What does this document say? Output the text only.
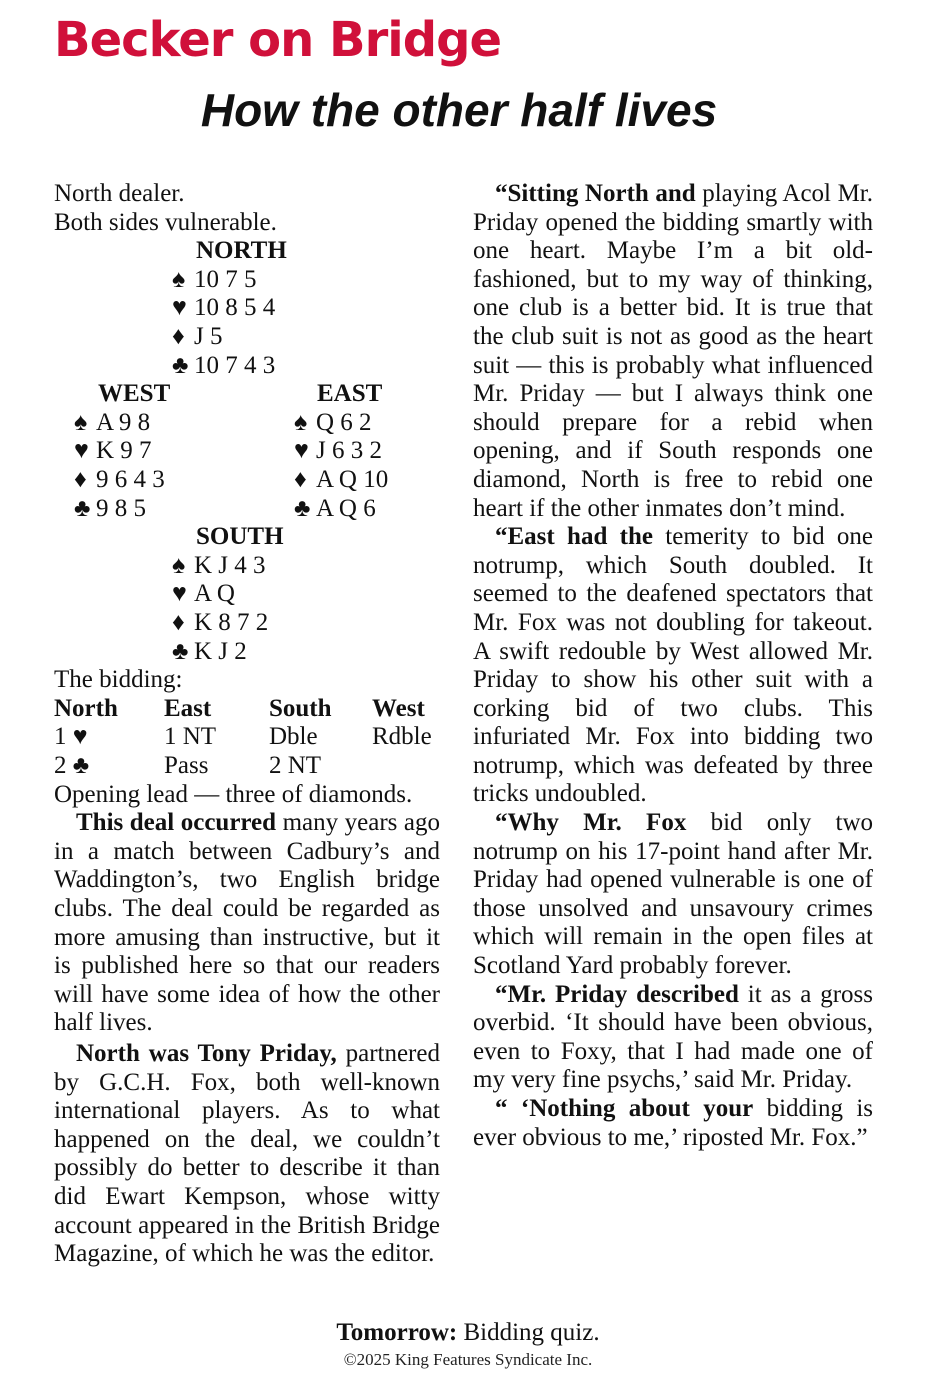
Becker on Bridge
How the other half lives
North dealer.
Both sides vulnerable.
NORTH
♠ 10 7 5
♥ 10 8 5 4
♦ J 5
♣ 10 7 4 3
WEST
♠ A 9 8
♥ K 9 7
♦ 9 6 4 3
♣ 9 8 5
EAST
♠ Q 6 2
♥ J 6 3 2
♦ A Q 10
♣ A Q 6
SOUTH
♠ K J 4 3
♥ A Q
♦ K 8 7 2
♣ K J 2
The bidding:
North	East	South	West
1 ♥	1 NT	Dble	Rdble
2 ♣	Pass	2 NT	
Opening lead — three of diamonds.

This deal occurred many years ago in a match between Cadbury’s and Waddington’s, two English bridge clubs. The deal could be regarded as more amusing than instructive, but it is published here so that our readers will have some idea of how the other half lives.

North was Tony Priday, partnered by G.C.H. Fox, both well-known international players. As to what happened on the deal, we couldn’t possibly do better to describe it than did Ewart Kempson, whose witty account appeared in the British Bridge Magazine, of which he was the editor.

“Sitting North and playing Acol Mr. Priday opened the bidding smartly with one heart. Maybe I’m a bit old-fashioned, but to my way of thinking, one club is a better bid. It is true that the club suit is not as good as the heart suit — this is probably what influenced Mr. Priday — but I always think one should prepare for a rebid when opening, and if South responds one diamond, North is free to rebid one heart if the other inmates don’t mind.

“East had the temerity to bid one notrump, which South doubled. It seemed to the deafened spectators that Mr. Fox was not doubling for takeout. A swift redouble by West allowed Mr. Priday to show his other suit with a corking bid of two clubs. This infuriated Mr. Fox into bidding two notrump, which was defeated by three tricks undoubled.

“Why Mr. Fox bid only two notrump on his 17-point hand after Mr. Priday had opened vulnerable is one of those unsolved and unsavoury crimes which will remain in the open files at Scotland Yard probably forever.

“Mr. Priday described it as a gross overbid. ‘It should have been obvious, even to Foxy, that I had made one of my very fine psychs,’ said Mr. Priday.

“ ‘Nothing about your bidding is ever obvious to me,’ riposted Mr. Fox.”

Tomorrow: Bidding quiz.
©2025 King Features Syndicate Inc.
